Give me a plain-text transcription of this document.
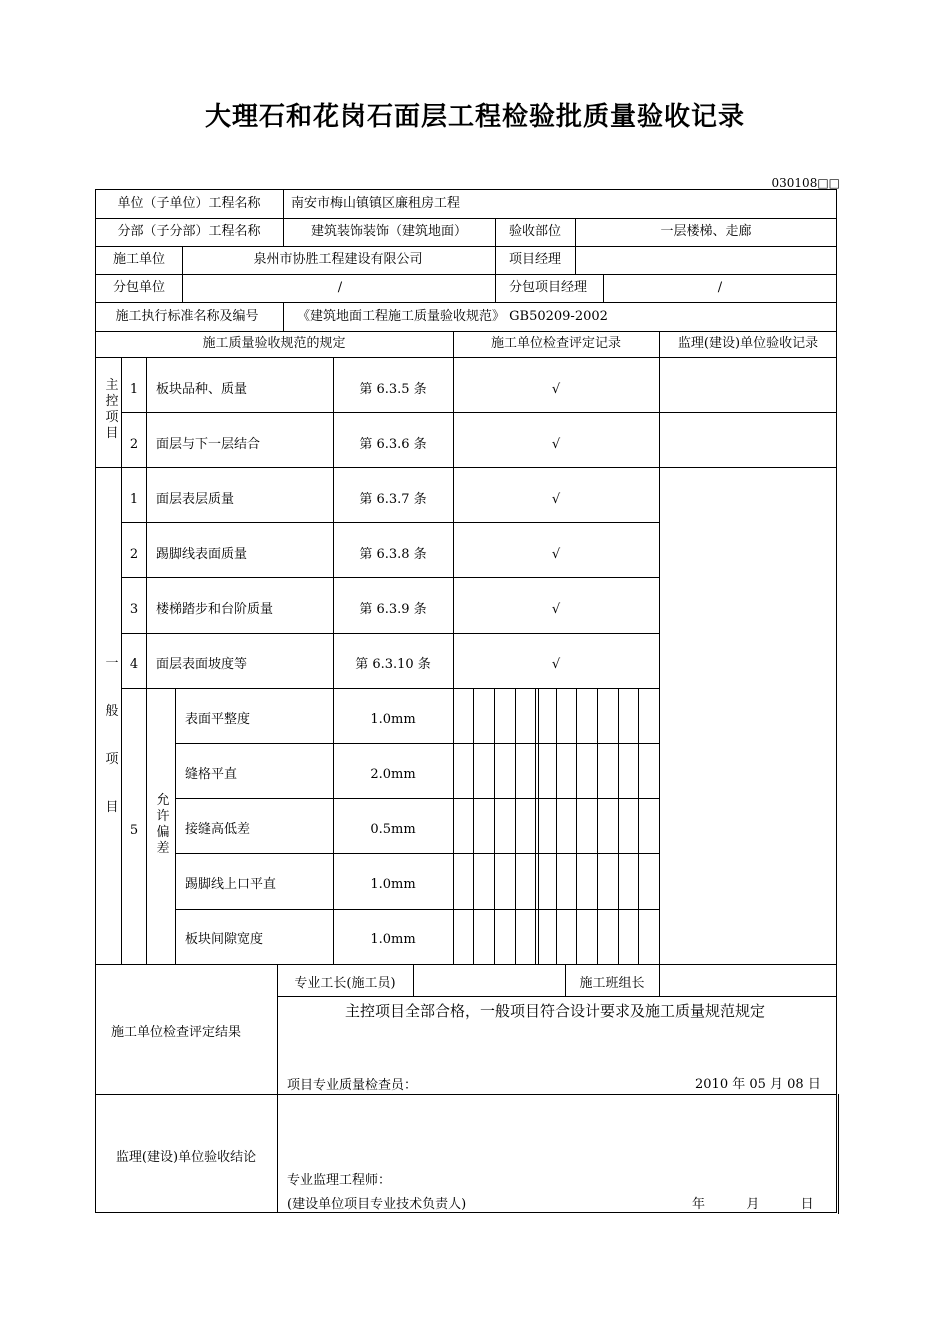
大理石和花岗石面层工程检验批质量验收记录
030108□□
单位（子单位）工程名称 南安市梅山镇镇区廉租房工程
分部（子分部）工程名称	建筑装饰装饰（建筑地面）	验收部位	一层楼梯、走廊
施工单位	泉州市协胜工程建设有限公司	项目经理
分包单位	/	分包项目经理	/
施工执行标准名称及编号	《建筑地面工程施工质量验收规范》 GB50209-2002
施工质量验收规范的规定	施工单位检查评定记录	监理(建设)单位验收记录
主控项目
1 板块品种、质量	第 6.3.5 条	√
2 面层与下一层结合	第 6.3.6 条	√
一般项目
1 面层表层质量	第 6.3.7 条	√
2 踢脚线表面质量	第 6.3.8 条	√
3 楼梯踏步和台阶质量	第 6.3.9 条	√
4 面层表面坡度等	第 6.3.10 条	√
5
允许偏差
表面平整度	1.0mm
缝格平直	2.0mm
接缝高低差	0.5mm
踢脚线上口平直	1.0mm
板块间隙宽度	1.0mm
专业工长(施工员)	施工班组长
施工单位检查评定结果
主控项目全部合格，一般项目符合设计要求及施工质量规范规定
项目专业质量检查员：	2010 年 05 月 08 日
监理(建设)单位验收结论
专业监理工程师：
(建设单位项目专业技术负责人)	年          月          日
